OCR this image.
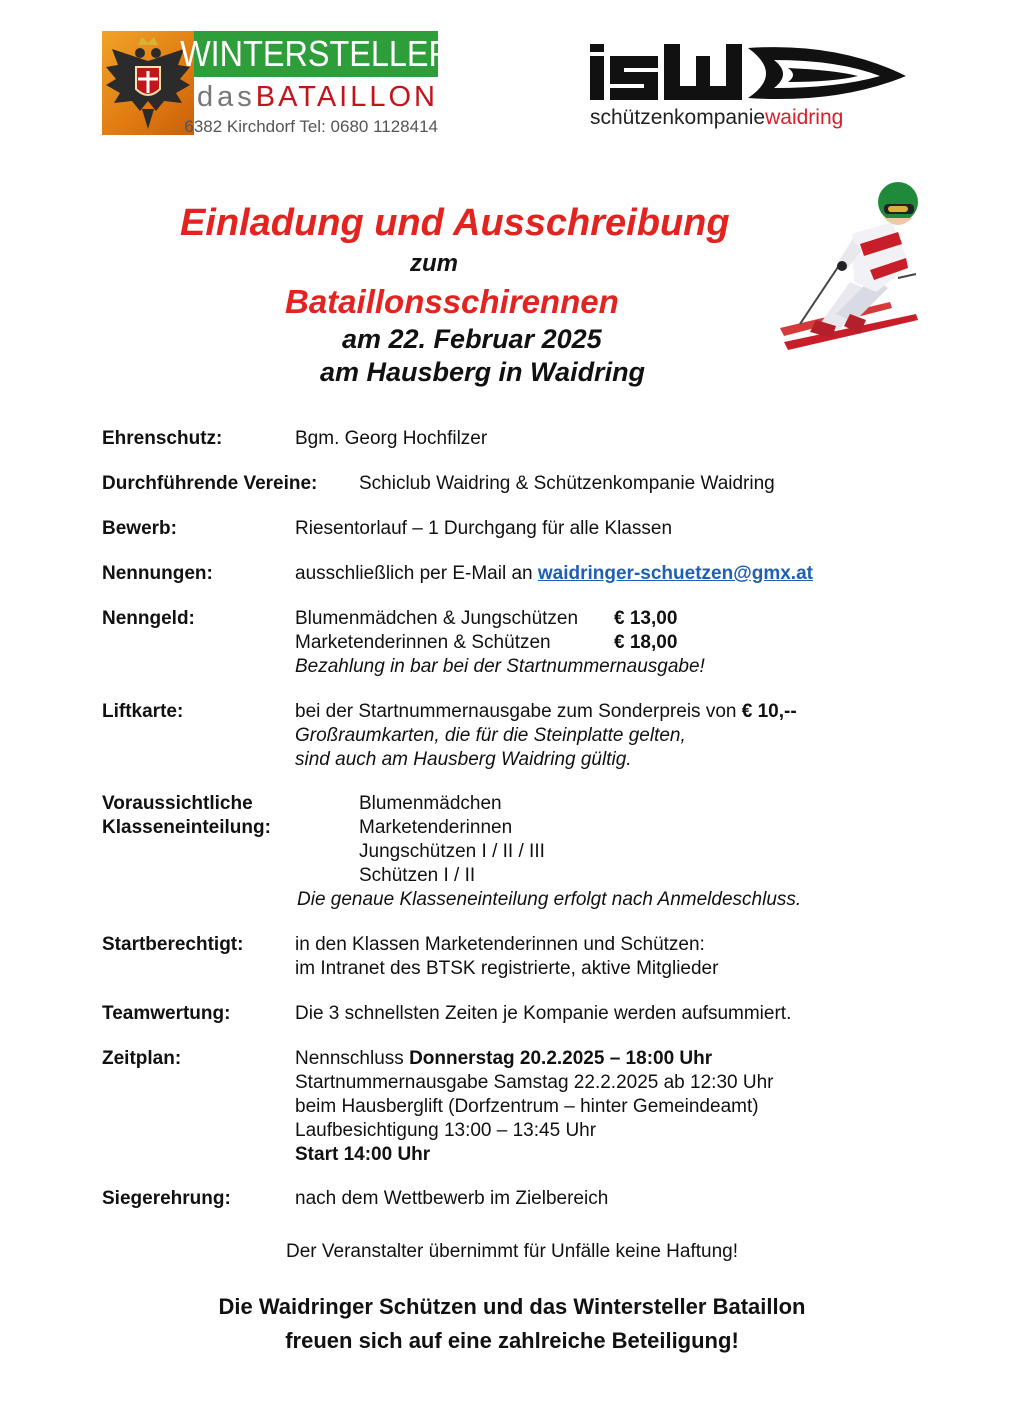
WINTERSTELLER
dasBATAILLON
6382 Kirchdorf Tel: 0680 1128414	schützenkompaniewaidring
Einladung und Ausschreibung
zum
Bataillonsschirennen
am 22. Februar 2025
am Hausberg in Waidring
Ehrenschutz:	Bgm. Georg Hochfilzer
Durchführende Vereine: Schiclub Waidring & Schützenkompanie Waidring
Bewerb:	Riesentorlauf – 1 Durchgang für alle Klassen
Nennungen:	ausschließlich per E-Mail an waidringer-schuetzen@gmx.at
Nenngeld:	Blumenmädchen & Jungschützen € 13,00
Marketenderinnen & Schützen	€ 18,00
Bezahlung in bar bei der Startnummernausgabe!
Liftkarte:	bei der Startnummernausgabe zum Sonderpreis von € 10,--
Großraumkarten, die für die Steinplatte gelten,
sind auch am Hausberg Waidring gültig.
Voraussichtliche
Klasseneinteilung:
Blumenmädchen
Marketenderinnen
Jungschützen I / II / III
Schützen I / II
Die genaue Klasseneinteilung erfolgt nach Anmeldeschluss.
Startberechtigt:	in den Klassen Marketenderinnen und Schützen:
im Intranet des BTSK registrierte, aktive Mitglieder
Teamwertung:	Die 3 schnellsten Zeiten je Kompanie werden aufsummiert.
Zeitplan:	Nennschluss Donnerstag 20.2.2025 – 18:00 Uhr
Startnummernausgabe Samstag 22.2.2025 ab 12:30 Uhr
beim Hausberglift (Dorfzentrum – hinter Gemeindeamt)
Laufbesichtigung 13:00 – 13:45 Uhr
Start 14:00 Uhr
Siegerehrung:	nach dem Wettbewerb im Zielbereich
Der Veranstalter übernimmt für Unfälle keine Haftung!
Die Waidringer Schützen und das Wintersteller Bataillon
freuen sich auf eine zahlreiche Beteiligung!
